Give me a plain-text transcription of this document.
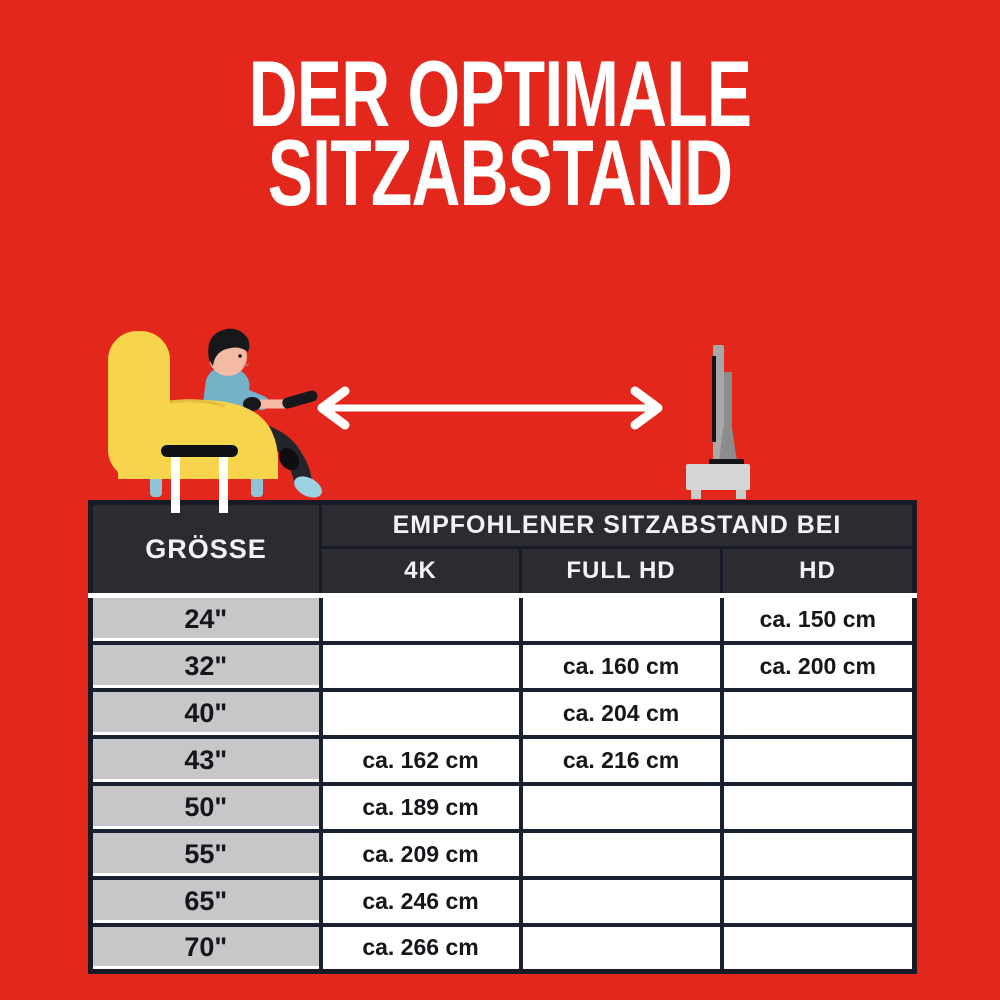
DER OPTIMALE
SITZABSTAND
GRÖSSE	EMPFOHLENER SITZABSTAND BEI		
	4K	FULL HD	HD
24"			ca. 150 cm
32"		ca. 160 cm	ca. 200 cm
40"		ca. 204 cm	
43"	ca. 162 cm	ca. 216 cm	
50"	ca. 189 cm		
55"	ca. 209 cm		
65"	ca. 246 cm		
70"	ca. 266 cm		
